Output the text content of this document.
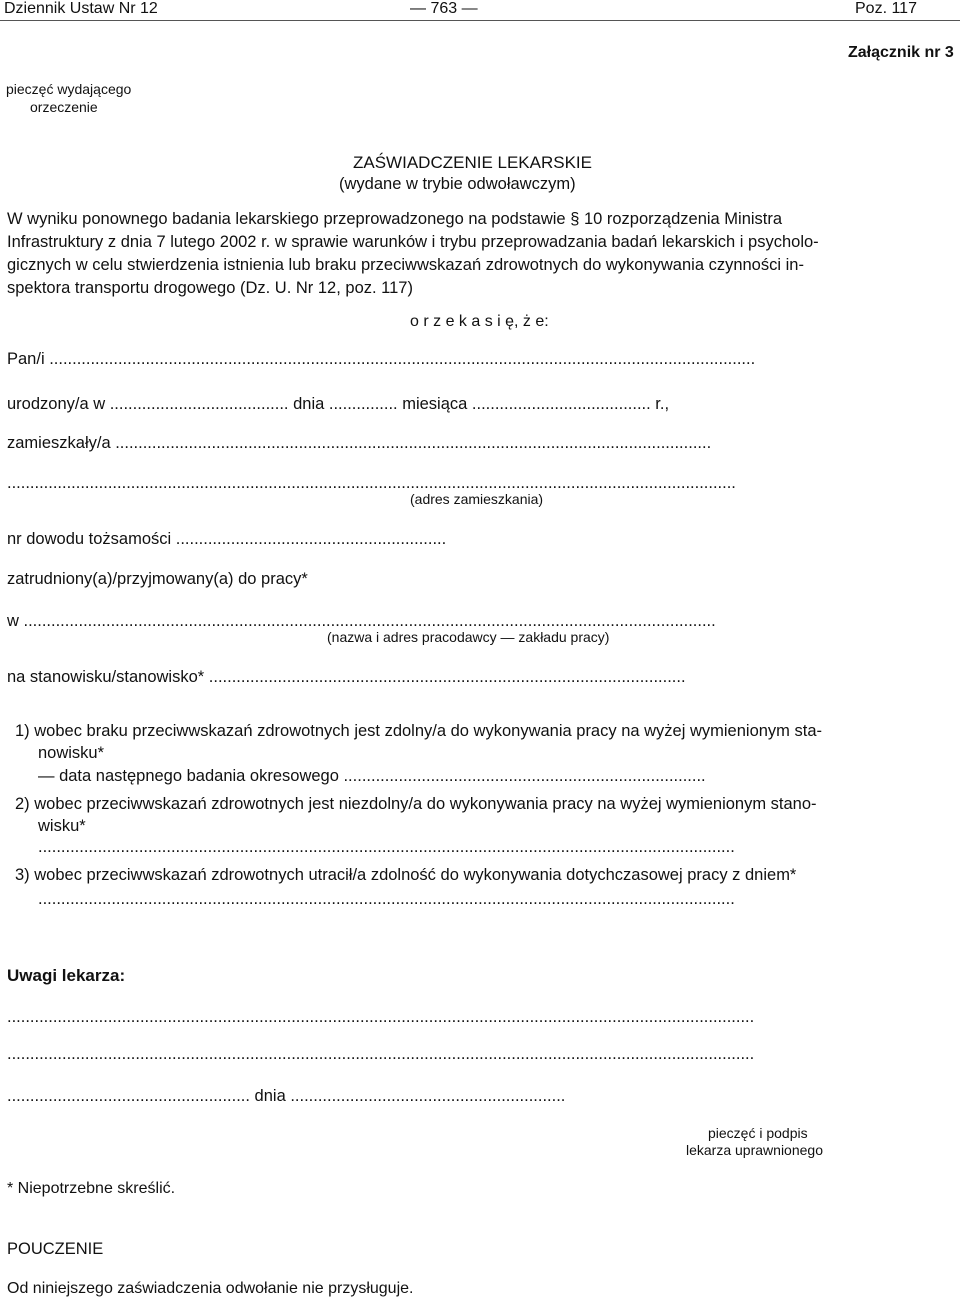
Dziennik Ustaw Nr 12	— 763 —	Poz. 117
Załącznik nr 3
pieczęć wydającego
orzeczenie
ZAŚWIADCZENIE LEKARSKIE
(wydane w trybie odwoławczym)
W wyniku ponownego badania lekarskiego przeprowadzonego na podstawie § 10 rozporządzenia Ministra
Infrastruktury z dnia 7 lutego 2002 r. w sprawie warunków i trybu przeprowadzania badań lekarskich i psycholo-
gicznych w celu stwierdzenia istnienia lub braku przeciwwskazań zdrowotnych do wykonywania czynności in-
spektora transportu drogowego (Dz. U. Nr 12, poz. 117)
o r z e k a s i ę, ż e:
Pan/i ..........................................................................................................................................................
urodzony/a w ....................................... dnia ............... miesiąca ....................................... r.,
zamieszkały/a ..................................................................................................................................
...............................................................................................................................................................
(adres zamieszkania)
nr dowodu tożsamości ...........................................................
zatrudniony(a)/przyjmowany(a) do pracy*
w .......................................................................................................................................................
(nazwa i adres pracodawcy — zakładu pracy)
na stanowisku/stanowisko* ........................................................................................................
1) wobec braku przeciwwskazań zdrowotnych jest zdolny/a do wykonywania pracy na wyżej wymienionym sta-
nowisku*
— data następnego badania okresowego ...............................................................................
2) wobec przeciwwskazań zdrowotnych jest niezdolny/a do wykonywania pracy na wyżej wymienionym stano-
wisku*
........................................................................................................................................................
3) wobec przeciwwskazań zdrowotnych utracił/a zdolność do wykonywania dotychczasowej pracy z dniem*
........................................................................................................................................................
Uwagi lekarza:
...................................................................................................................................................................
...................................................................................................................................................................
..................................................... dnia ............................................................
pieczęć i podpis
lekarza uprawnionego
* Niepotrzebne skreślić.
POUCZENIE
Od niniejszego zaświadczenia odwołanie nie przysługuje.
